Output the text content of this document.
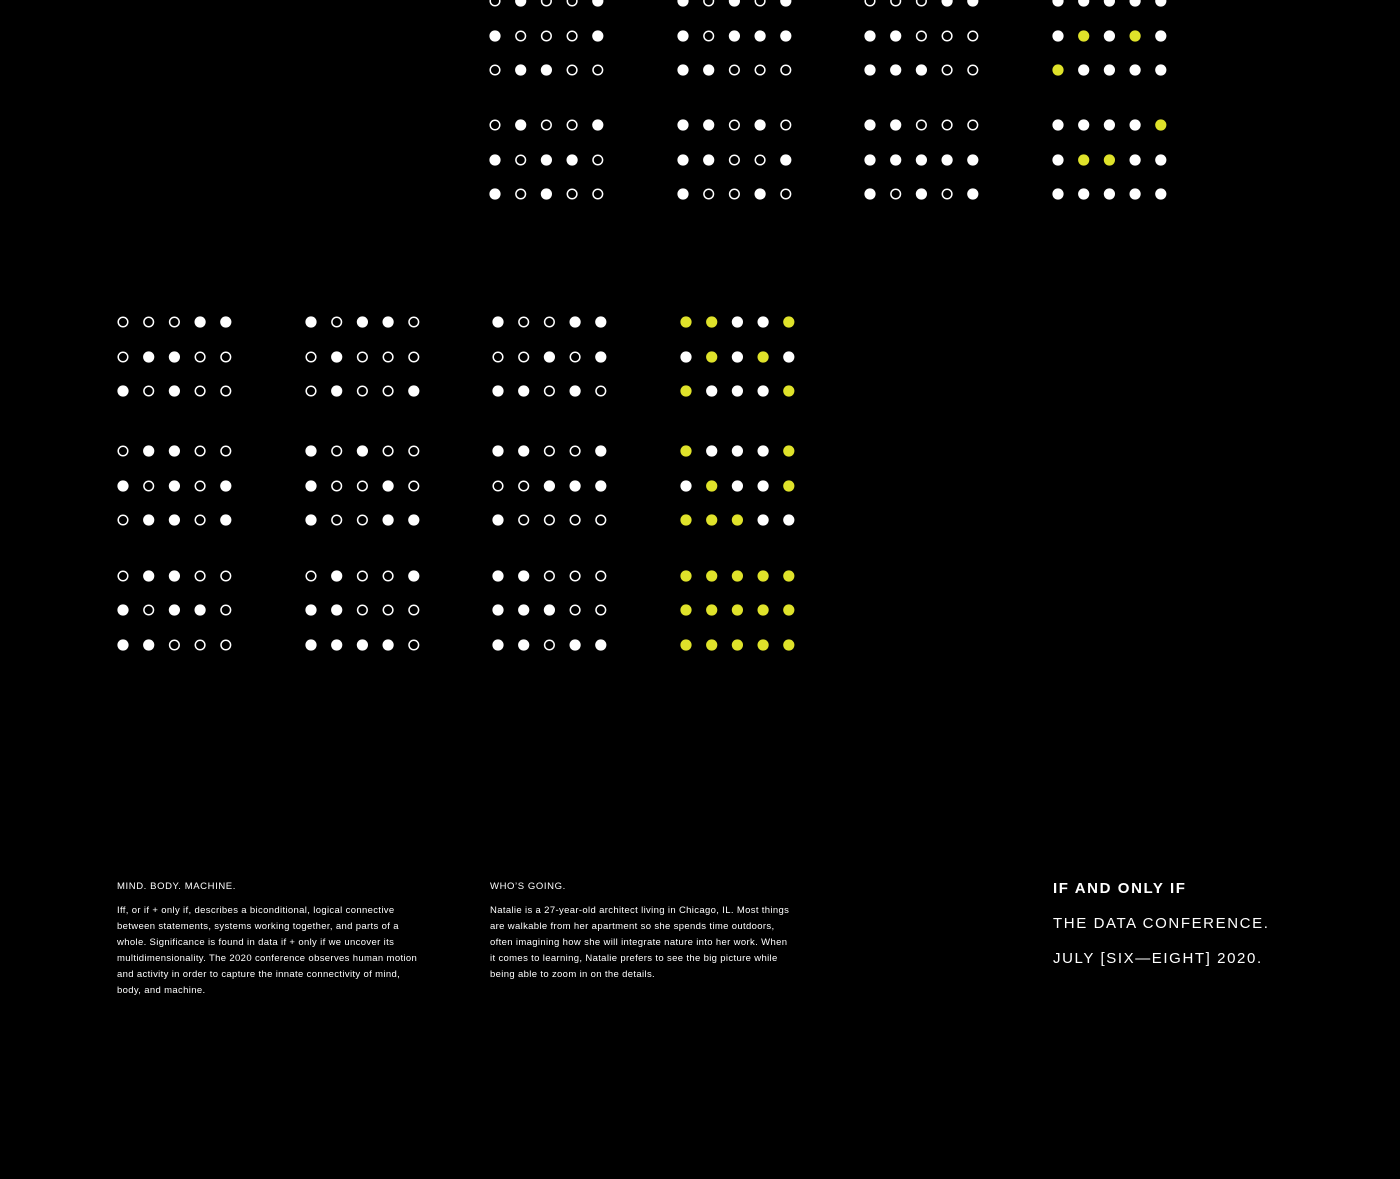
MIND. BODY. MACHINE.

Iff, or if + only if, describes a biconditional, logical connective between statements, systems working together, and parts of a whole. Significance is found in data if + only if we uncover its multidimensionality. The 2020 conference observes human motion and activity in order to capture the innate connectivity of mind, body, and machine.

WHO’S GOING.

Natalie is a 27-year-old architect living in Chicago, IL. Most things are walkable from her apartment so she spends time outdoors, often imagining how she will integrate nature into her work. When it comes to learning, Natalie prefers to see the big picture while being able to zoom in on the details.

IF AND ONLY IF
THE DATA CONFERENCE.
JULY [SIX—EIGHT] 2020.
